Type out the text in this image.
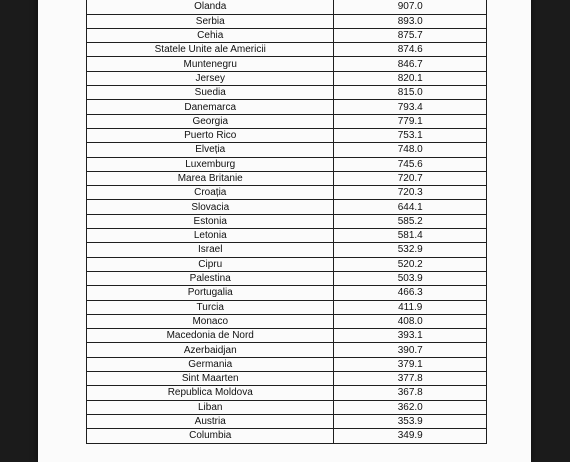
Olanda	907.0
Serbia	893.0
Cehia	875.7
Statele Unite ale Americii	874.6
Muntenegru	846.7
Jersey	820.1
Suedia	815.0
Danemarca	793.4
Georgia	779.1
Puerto Rico	753.1
Elveția	748.0
Luxemburg	745.6
Marea Britanie	720.7
Croația	720.3
Slovacia	644.1
Estonia	585.2
Letonia	581.4
Israel	532.9
Cipru	520.2
Palestina	503.9
Portugalia	466.3
Turcia	411.9
Monaco	408.0
Macedonia de Nord	393.1
Azerbaidjan	390.7
Germania	379.1
Sint Maarten	377.8
Republica Moldova	367.8
Liban	362.0
Austria	353.9
Columbia	349.9
